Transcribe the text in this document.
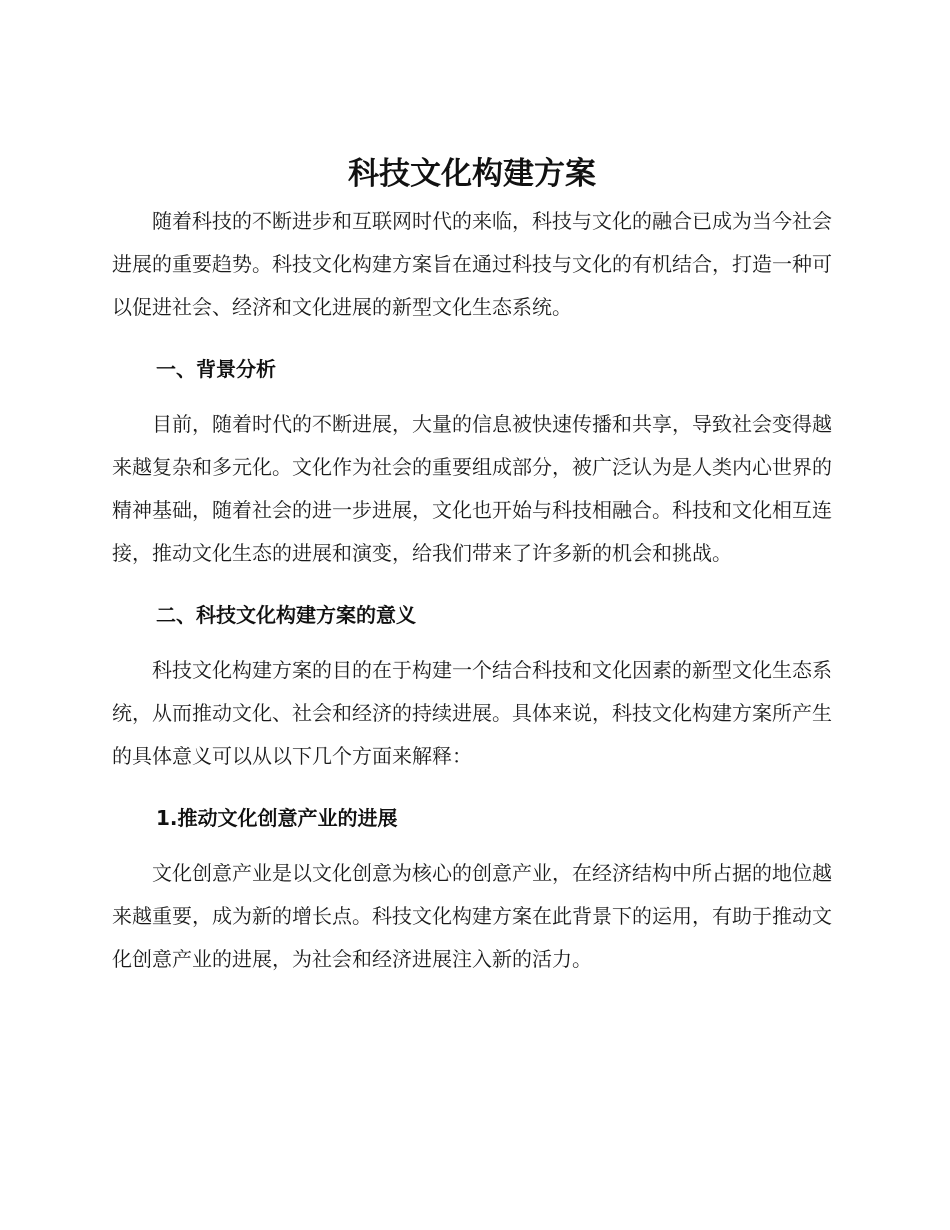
科技文化构建方案

随着科技的不断进步和互联网时代的来临，科技与文化的融合已成为当今社会进展的重要趋势。科技文化构建方案旨在通过科技与文化的有机结合，打造一种可以促进社会、经济和文化进展的新型文化生态系统。

一、背景分析

目前，随着时代的不断进展，大量的信息被快速传播和共享，导致社会变得越来越复杂和多元化。文化作为社会的重要组成部分，被广泛认为是人类内心世界的精神基础，随着社会的进一步进展，文化也开始与科技相融合。科技和文化相互连接，推动文化生态的进展和演变，给我们带来了许多新的机会和挑战。

二、科技文化构建方案的意义

科技文化构建方案的目的在于构建一个结合科技和文化因素的新型文化生态系统，从而推动文化、社会和经济的持续进展。具体来说，科技文化构建方案所产生的具体意义可以从以下几个方面来解释：

1.推动文化创意产业的进展

文化创意产业是以文化创意为核心的创意产业，在经济结构中所占据的地位越来越重要，成为新的增长点。科技文化构建方案在此背景下的运用，有助于推动文化创意产业的进展，为社会和经济进展注入新的活力。
